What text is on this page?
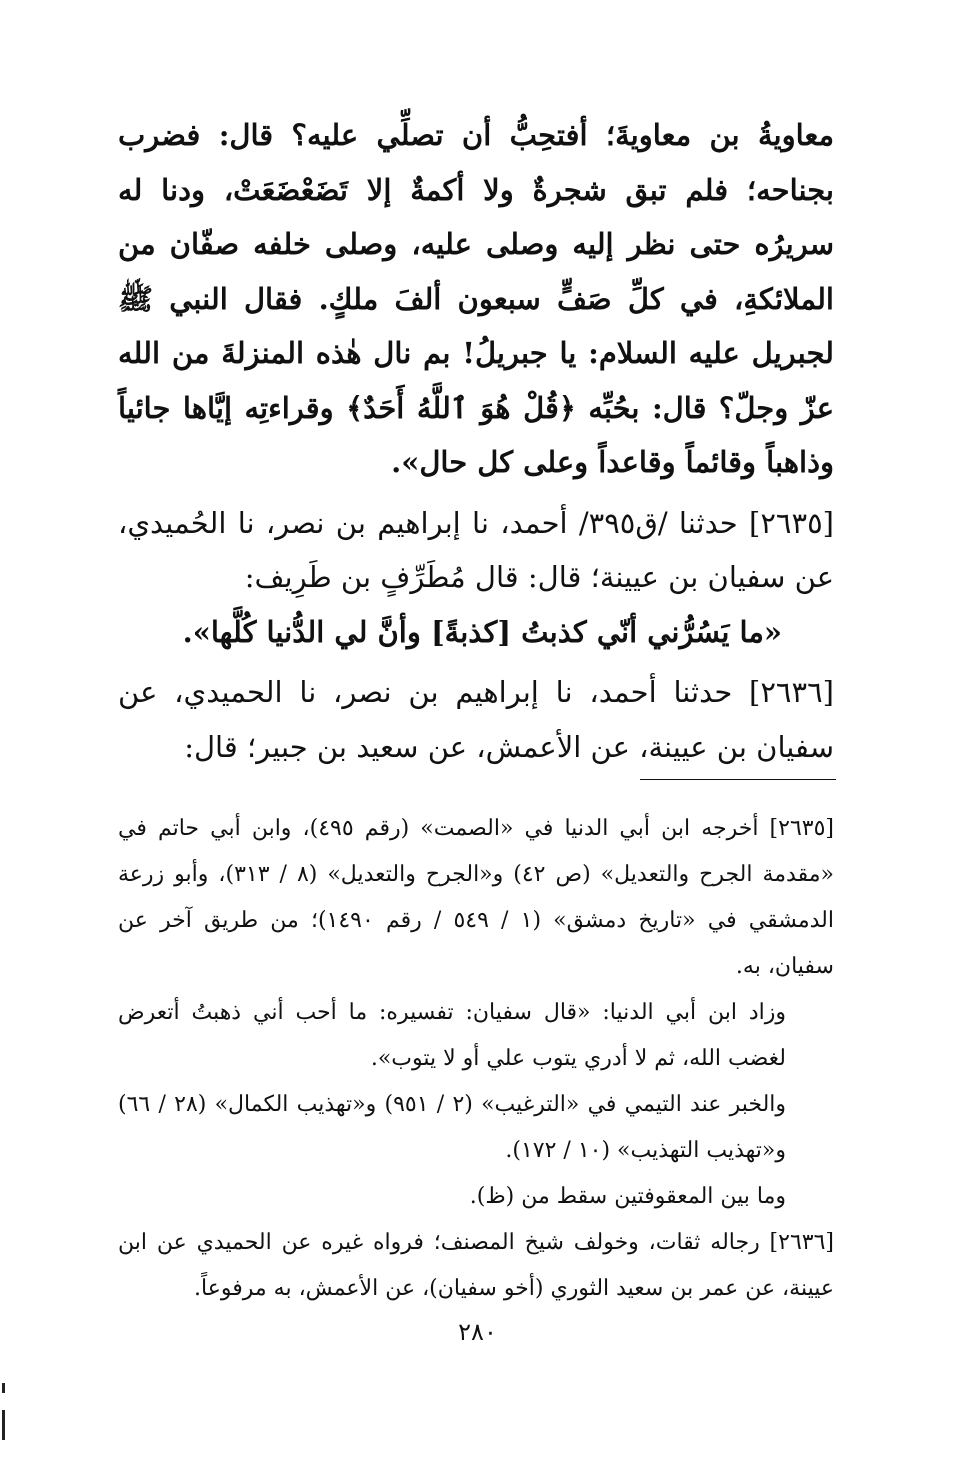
معاويةُ بن معاويةَ؛ أفتحِبُّ أن تصلِّي عليه؟ قال: فضرب بجناحه؛ فلم تبق شجرةٌ ولا أكمةٌ إلا تَضَعْضَعَتْ، ودنا له سريرُه حتى نظر إليه وصلى عليه، وصلى خلفه صفّان من الملائكةِ، في كلِّ صَفٍّ سبعون ألفَ ملكٍ. فقال النبي ﷺ لجبريل عليه السلام: يا جبريلُ! بم نال هٰذه المنزلةَ من الله عزّ وجلّ؟ قال: بحُبِّه ﴿قُلْ هُوَ ٱللَّهُ أَحَدٌ﴾ وقراءتِه إيَّاها جائياً وذاهباً وقائماً وقاعداً وعلى كل حال».

[٢٦٣٥] حدثنا /ق٣٩٥/ أحمد، نا إبراهيم بن نصر، نا الحُميدي، عن سفيان بن عيينة؛ قال: قال مُطَرِّفٍ بن طَرِيف:

«ما يَسُرُّني أنّي كذبتُ [كذبةً] وأنَّ لي الدُّنيا كُلَّها».

[٢٦٣٦] حدثنا أحمد، نا إبراهيم بن نصر، نا الحميدي، عن سفيان بن عيينة، عن الأعمش، عن سعيد بن جبير؛ قال:

[٢٦٣٥] أخرجه ابن أبي الدنيا في «الصمت» (رقم ٤٩٥)، وابن أبي حاتم في «مقدمة الجرح والتعديل» (ص ٤٢) و«الجرح والتعديل» (٨ / ٣١٣)، وأبو زرعة الدمشقي في «تاريخ دمشق» (١ / ٥٤٩ / رقم ١٤٩٠)؛ من طريق آخر عن سفيان، به.

وزاد ابن أبي الدنيا: «قال سفيان: تفسيره: ما أحب أني ذهبتُ أتعرض لغضب الله، ثم لا أدري يتوب علي أو لا يتوب».

والخبر عند التيمي في «الترغيب» (٢ / ٩٥١) و«تهذيب الكمال» (٢٨ / ٦٦) و«تهذيب التهذيب» (١٠ / ١٧٢).

وما بين المعقوفتين سقط من (ظ).

[٢٦٣٦] رجاله ثقات، وخولف شيخ المصنف؛ فرواه غيره عن الحميدي عن ابن عيينة، عن عمر بن سعيد الثوري (أخو سفيان)، عن الأعمش، به مرفوعاً.

٢٨٠
